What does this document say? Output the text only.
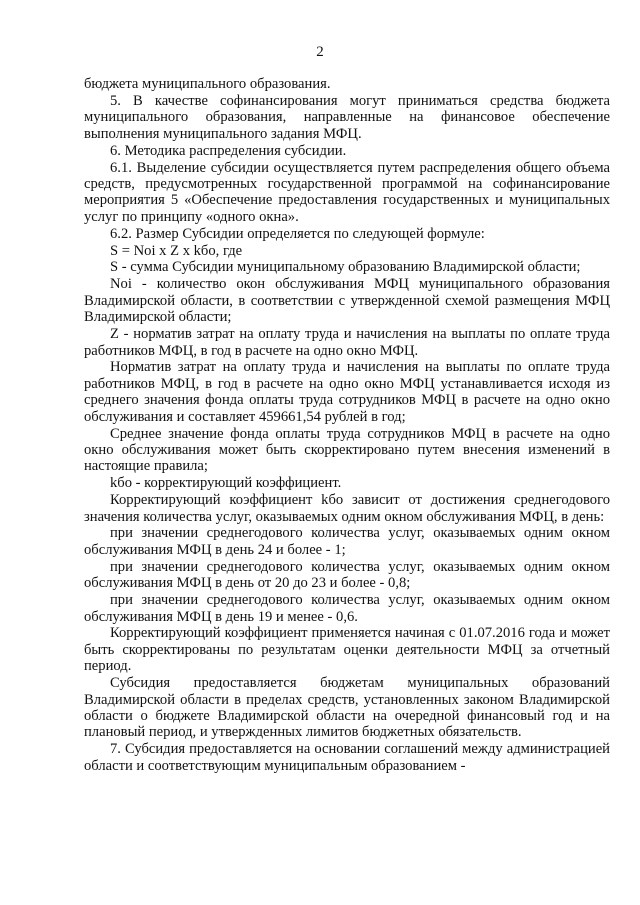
2

бюджета муниципального образования.

5. В качестве софинансирования могут приниматься средства бюджета муниципального образования, направленные на финансовое обеспечение выполнения муниципального задания МФЦ.

6. Методика распределения субсидии.

6.1. Выделение субсидии осуществляется путем распределения общего объема средств, предусмотренных государственной программой на софинансирование мероприятия 5 «Обеспечение предоставления государственных и муниципальных услуг по принципу «одного окна».

6.2. Размер Субсидии определяется по следующей формуле:

S = Noi x Z x kбо, где

S - сумма Субсидии муниципальному образованию Владимирской области;

Noi - количество окон обслуживания МФЦ муниципального образования Владимирской области, в соответствии с утвержденной схемой размещения МФЦ Владимирской области;

Z - норматив затрат на оплату труда и начисления на выплаты по оплате труда работников МФЦ, в год в расчете на одно окно МФЦ.

Норматив затрат на оплату труда и начисления на выплаты по оплате труда работников МФЦ, в год в расчете на одно окно МФЦ устанавливается исходя из среднего значения фонда оплаты труда сотрудников МФЦ в расчете на одно окно обслуживания и составляет 459661,54 рублей в год;

Среднее значение фонда оплаты труда сотрудников МФЦ в расчете на одно окно обслуживания может быть скорректировано путем внесения изменений в настоящие правила;

kбо - корректирующий коэффициент.

Корректирующий коэффициент kбо зависит от достижения среднегодового значения количества услуг, оказываемых одним окном обслуживания МФЦ, в день:

при значении среднегодового количества услуг, оказываемых одним окном обслуживания МФЦ в день 24 и более - 1;

при значении среднегодового количества услуг, оказываемых одним окном обслуживания МФЦ в день от 20 до 23 и более - 0,8;

при значении среднегодового количества услуг, оказываемых одним окном обслуживания МФЦ в день 19 и менее - 0,6.

Корректирующий коэффициент применяется начиная с 01.07.2016 года и может быть скорректированы по результатам оценки деятельности МФЦ за отчетный период.

Субсидия предоставляется бюджетам муниципальных образований Владимирской области в пределах средств, установленных законом Владимирской области о бюджете Владимирской области на очередной финансовый год и на плановый период, и утвержденных лимитов бюджетных обязательств.

7. Субсидия предоставляется на основании соглашений между администрацией области и соответствующим муниципальным образованием -
